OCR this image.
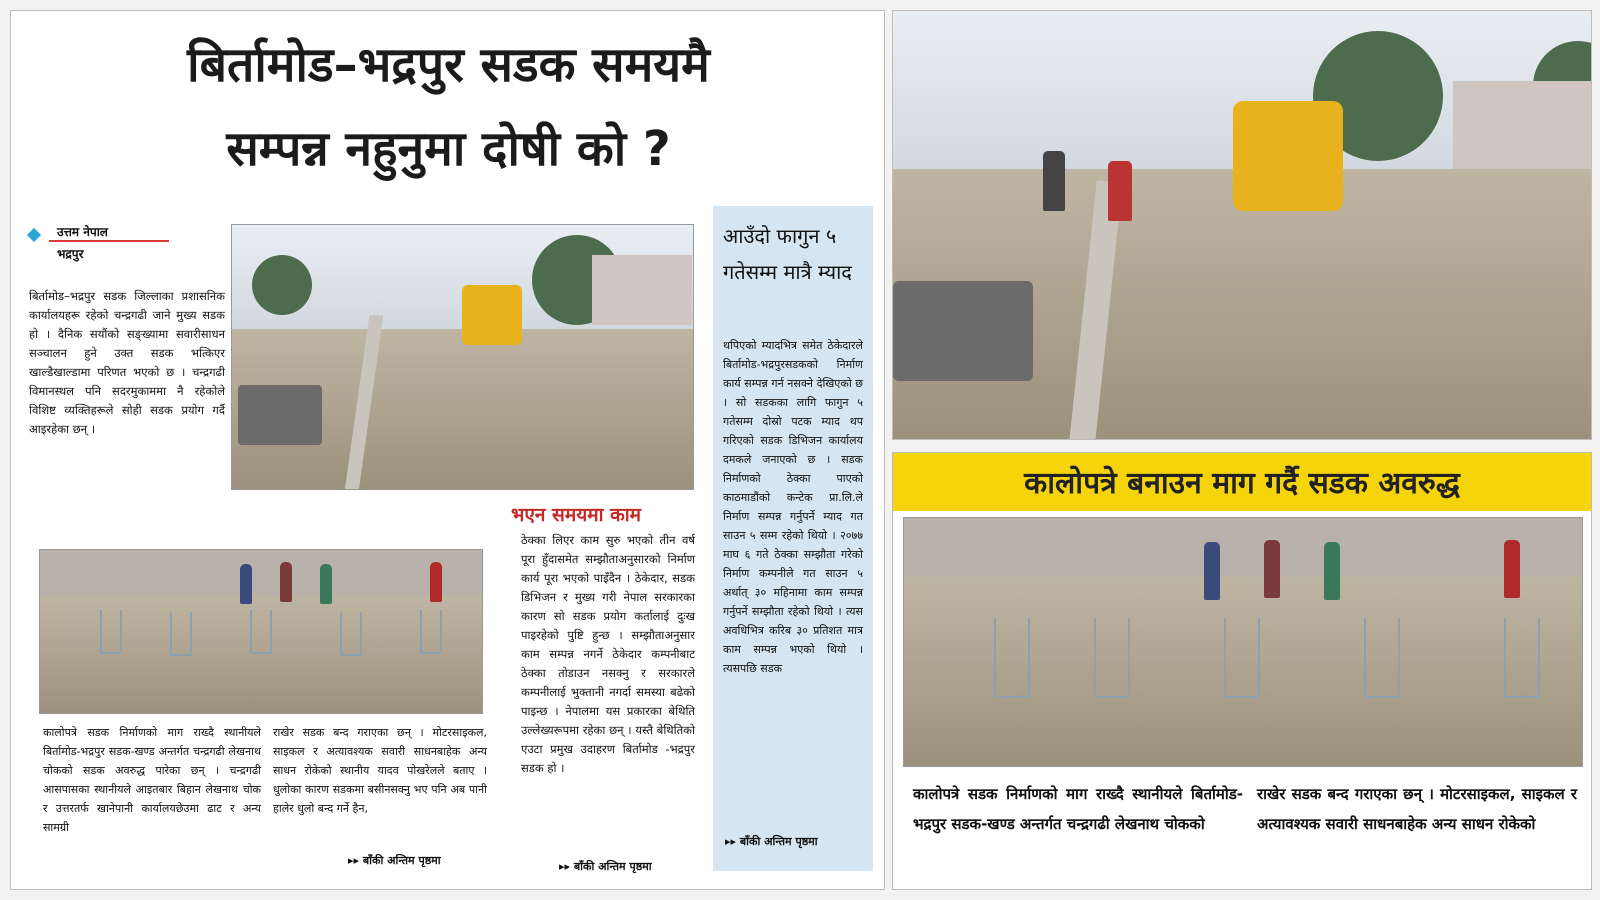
बिर्तामोड–भद्रपुर सडक समयमै
सम्पन्न नहुनुमा दोषी को ?
उत्तम नेपाल
भद्रपुर
बिर्तामोड–भद्रपुर सडक जिल्लाका प्रशासनिक कार्यालयहरू रहेको चन्द्रगढी जाने मुख्य सडक हो । दैनिक सयौंको सङ्ख्यामा सवारीसाधन सञ्चालन हुने उक्त सडक भत्किएर खाल्डैखाल्डामा परिणत भएको छ । चन्द्रगढी विमानस्थल पनि सदरमुकाममा नै रहेकोले विशिष्ट व्यक्तिहरूले सोही सडक प्रयोग गर्दै आइरहेका छन् ।
भएन समयमा काम
ठेक्का लिएर काम सुरु भएको तीन वर्ष पूरा हुँदासमेत सम्झौताअनुसारको निर्माण कार्य पूरा भएको पाइँदैन । ठेकेदार, सडक डिभिजन र मुख्य गरी नेपाल सरकारका कारण सो सडक प्रयोग कर्तालाई दुःख पाइरहेको पुष्टि हुन्छ । सम्झौताअनुसार काम सम्पन्न नगर्ने ठेकेदार कम्पनीबाट ठेक्का तोडाउन नसक्नु र सरकारले कम्पनीलाई भुक्तानी नगर्दा समस्या बढेको पाइन्छ । नेपालमा यस प्रकारका बेथिति उल्लेख्यरूपमा रहेका छन् । यस्तै बेथितिको एउटा प्रमुख उदाहरण बिर्तामोड -भद्रपुर सडक हो ।
▸▸ बाँकी अन्तिम पृष्ठमा
आउँदो फागुन ५ गतेसम्म मात्रै म्याद
थपिएको म्यादभित्र समेत ठेकेदारले बिर्तामोड-भद्रपुरसडकको निर्माण कार्य सम्पन्न गर्न नसक्ने देखिएको छ । सो सडकका लागि फागुन ५ गतेसम्म दोस्रो पटक म्याद थप गरिएको सडक डिभिजन कार्यालय दमकले जनाएको छ । सडक निर्माणको ठेक्का पाएको काठमाडौंको कन्टेक प्रा.लि.ले निर्माण सम्पन्न गर्नुपर्ने म्याद गत साउन ५ सम्म रहेको थियो । २०७७ माघ ६ गते ठेक्का सम्झौता गरेको निर्माण कम्पनीले गत साउन ५ अर्थात् ३० महिनामा काम सम्पन्न गर्नुपर्ने सम्झौता रहेको थियो । त्यस अवधिभित्र करिब ३० प्रतिशत मात्र काम सम्पन्न भएको थियो । त्यसपछि सडक
▸▸ बाँकी अन्तिम पृष्ठमा
कालोपत्रे सडक निर्माणको माग राख्दै स्थानीयले बिर्तामोड-भद्रपुर सडक-खण्ड अन्तर्गत चन्द्रगढी लेखनाथ चोकको सडक अवरुद्ध पारेका छन् । चन्द्रगढी आसपासका स्थानीयले आइतबार बिहान लेखनाथ चोक र उत्तरतर्फ खानेपानी कार्यालयछेउमा ढाट र अन्य सामग्री
राखेर सडक बन्द गराएका छन् । मोटरसाइकल, साइकल र अत्यावश्यक सवारी साधनबाहेक अन्य साधन रोकेको स्थानीय यादव पोखरेलले बताए । धुलोका कारण सडकमा बसीनसक्नु भए पनि अब पानी हालेर धुलो बन्द गर्ने हैन,
▸▸ बाँकी अन्तिम पृष्ठमा
कालोपत्रे बनाउन माग गर्दै सडक अवरुद्ध
कालोपत्रे सडक निर्माणको माग राख्दै स्थानीयले बिर्तामोड-भद्रपुर सडक-खण्ड अन्तर्गत चन्द्रगढी लेखनाथ चोकको
राखेर सडक बन्द गराएका छन् । मोटरसाइकल, साइकल र अत्यावश्यक सवारी साधनबाहेक अन्य साधन रोकेको
